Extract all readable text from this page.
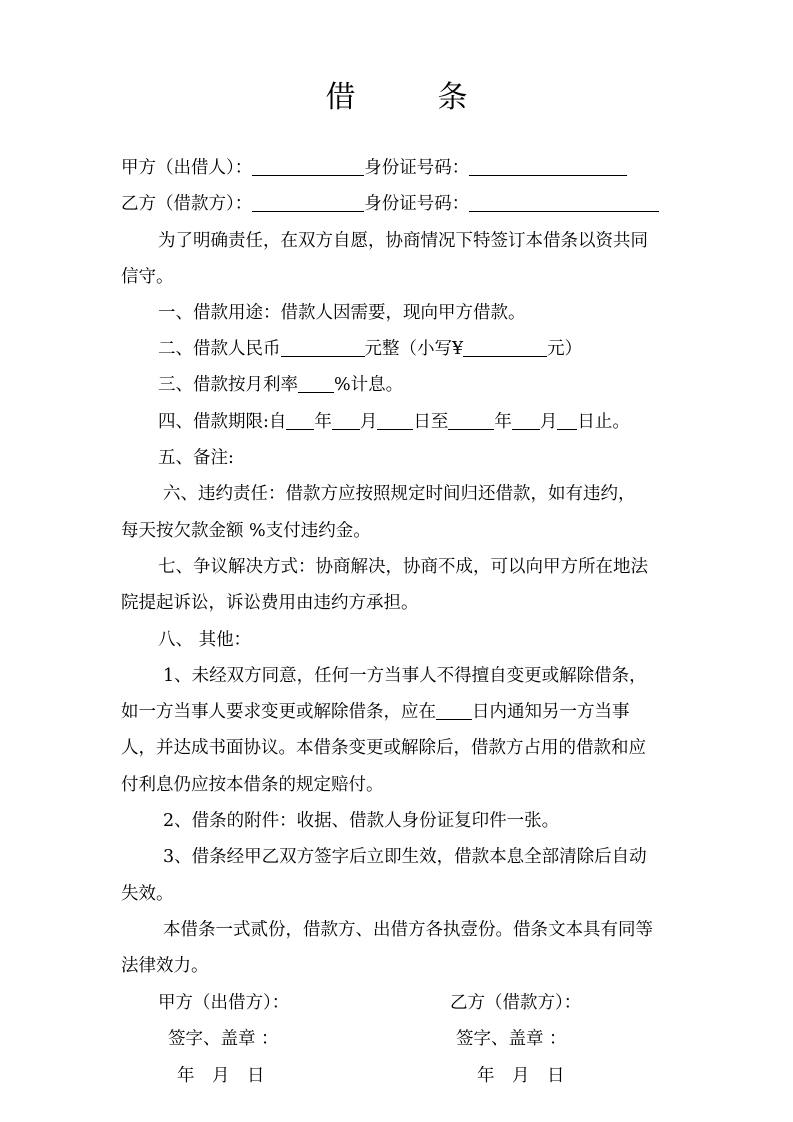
借　条
甲方（出借人）：	身份证号码：
乙方（借款方）：	身份证号码：
为了明确责任，在双方自愿，协商情况下特签订本借条以资共同
信守。
一、借款用途：借款人因需要，现向甲方借款。
二、借款人民币	元整（小写¥	元）
三、借款按月利率 %计息。
四、借款期限:自 年 月 日至	年 月 日止。
五、备注:
六、违约责任：借款方应按照规定时间归还借款，如有违约，
每天按欠款金额 %支付违约金。
七、争议解决方式：协商解决，协商不成，可以向甲方所在地法
院提起诉讼，诉讼费用由违约方承担。
八、 其他：
1、未经双方同意，任何一方当事人不得擅自变更或解除借条，
如一方当事人要求变更或解除借条，应在 日内通知另一方当事
人，并达成书面协议。本借条变更或解除后，借款方占用的借款和应
付利息仍应按本借条的规定赔付。
2、借条的附件：收据、借款人身份证复印件一张。
3、借条经甲乙双方签字后立即生效，借款本息全部清除后自动
失效。
本借条一式贰份，借款方、出借方各执壹份。借条文本具有同等
法律效力。
甲方（出借方）：	乙方（借款方）：
签字、盖章 ：	签字、盖章 ：
年　月　日	年　月　日
